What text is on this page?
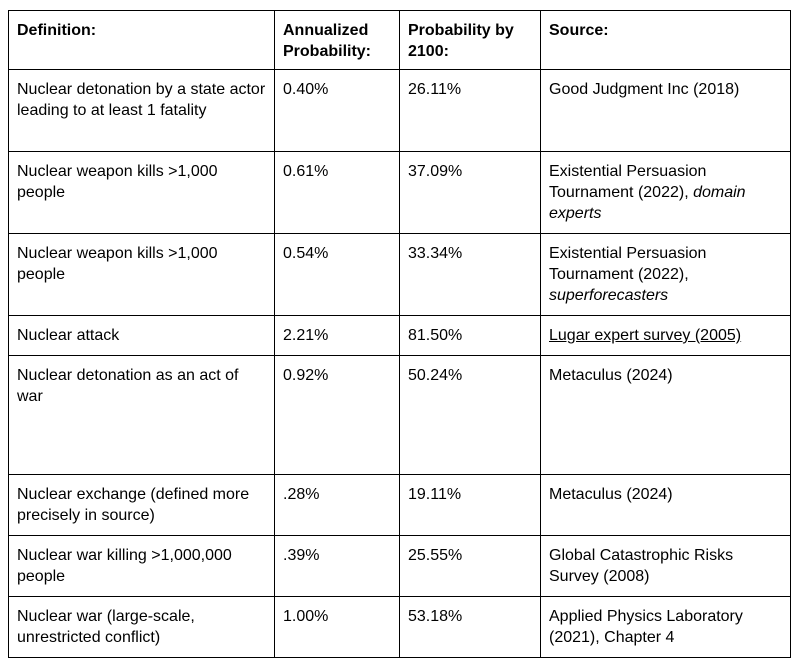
Definition:	Annualized Probability:	Probability by 2100:	Source:
Nuclear detonation by a state actor leading to at least 1 fatality	0.40%	26.11%	Good Judgment Inc (2018)
Nuclear weapon kills >1,000 people	0.61%	37.09%	Existential Persuasion Tournament (2022), domain experts
Nuclear weapon kills >1,000 people	0.54%	33.34%	Existential Persuasion Tournament (2022), superforecasters
Nuclear attack	2.21%	81.50%	Lugar expert survey (2005)
Nuclear detonation as an act of war	0.92%	50.24%	Metaculus (2024)
Nuclear exchange (defined more precisely in source)	.28%	19.11%	Metaculus (2024)
Nuclear war killing >1,000,000 people	.39%	25.55%	Global Catastrophic Risks Survey (2008)
Nuclear war (large-scale, unrestricted conflict)	1.00%	53.18%	Applied Physics Laboratory (2021), Chapter 4
